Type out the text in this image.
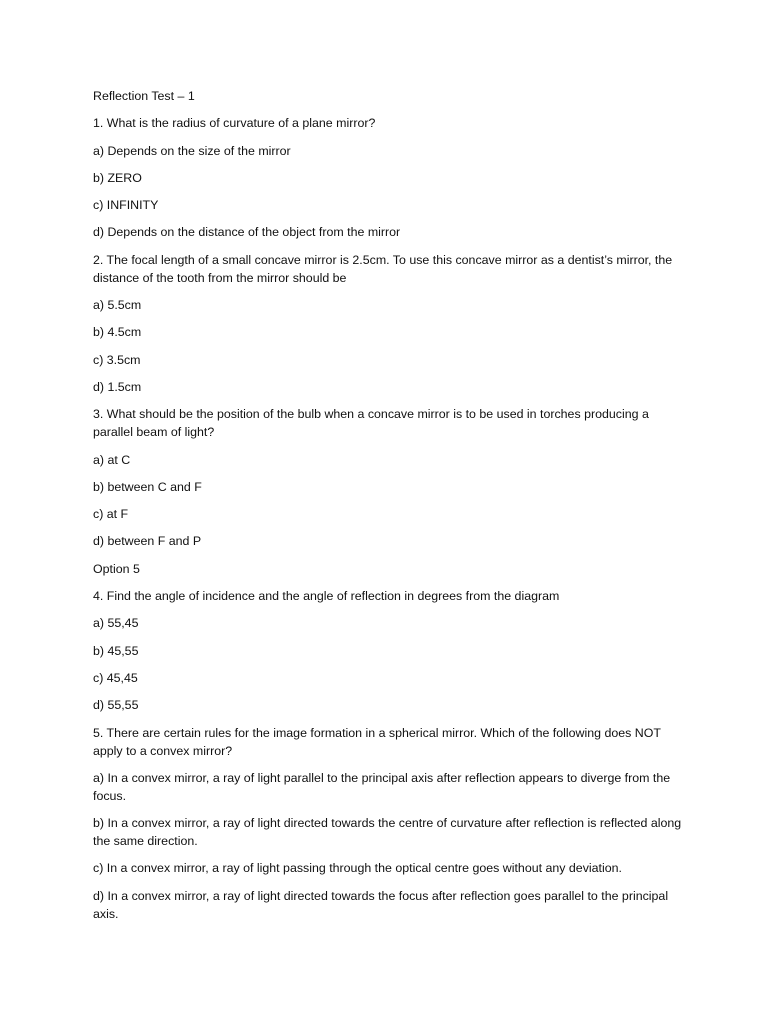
Reflection Test – 1

1. What is the radius of curvature of a plane mirror?

a) Depends on the size of the mirror

b) ZERO

c) INFINITY

d) Depends on the distance of the object from the mirror

2. The focal length of a small concave mirror is 2.5cm. To use this concave mirror as a dentist’s mirror, the distance of the tooth from the mirror should be

a) 5.5cm

b) 4.5cm

c) 3.5cm

d) 1.5cm

3. What should be the position of the bulb when a concave mirror is to be used in torches producing a parallel beam of light?

a) at C

b) between C and F

c) at F

d) between F and P

Option 5

4. Find the angle of incidence and the angle of reflection in degrees from the diagram

a) 55,45

b) 45,55

c) 45,45

d) 55,55

5. There are certain rules for the image formation in a spherical mirror. Which of the following does NOT apply to a convex mirror?

a) In a convex mirror, a ray of light parallel to the principal axis after reflection appears to diverge from the focus.

b) In a convex mirror, a ray of light directed towards the centre of curvature after reflection is reflected along the same direction.

c) In a convex mirror, a ray of light passing through the optical centre goes without any deviation.

d) In a convex mirror, a ray of light directed towards the focus after reflection goes parallel to the principal axis.
